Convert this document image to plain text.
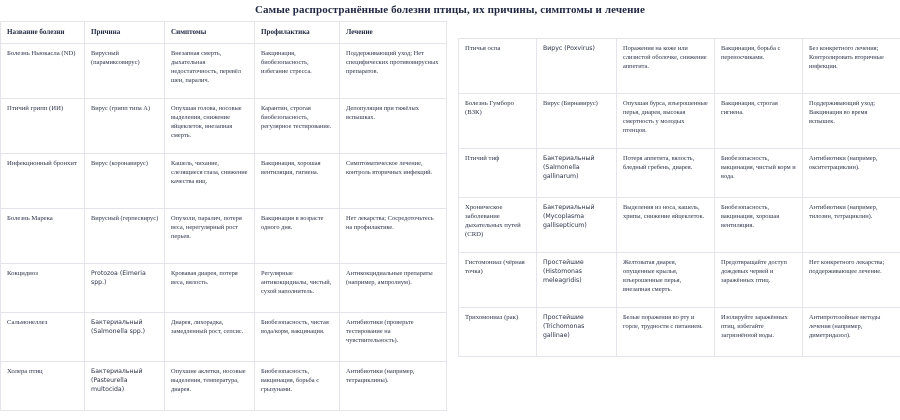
Самые распространённые болезни птицы, их причины, симптомы и лечение
Название болезни	Причина	Симптомы	Профилактика	Лечение
Болезнь Ньюкасла (ND)	Вирусный (парамиксовирус)	Внезапная смерть, дыхательная недостаточность, перевёл шеи, паралич.	Вакцинация, биобезопасность, избегание стресса.	Поддерживающий уход; Нет специфических противовирусных препаратов.
Птичий грипп (ИИ)	Вирус (грипп типа А)	Опухшая голова, носовые выделения, снижение яйцеклеток, внезапная смерть.	Карантин, строгая биобезопасность, регулярное тестирование.	Депопуляция при тяжёлых вспышках.
Инфекционный бронхит	Вирус (коронавирус)	Кашель, чихание, слезящиеся глаза, снижение качества яиц.	Вакцинация, хорошая вентиляция, гигиена.	Симптоматическое лечение, контроль вторичных инфекций.
Болезнь Марека	Вирусный (герпесвирус)	Опухоли, паралич, потеря веса, нерегулярный рост перьев.	Вакцинация в возрасте одного дня.	Нет лекарства; Сосредоточьтесь на профилактике.
Кокцидиоз	Protozoa (Eimeria spp.)	Кровавая диарея, потеря веса, вялость.	Регулярные антикокцидиалы, чистый, сухой наполнитель.	Антикокцидиальные препараты (например, ампролиум).
Сальмонеллез	Бактериальный (Salmonella spp.)	Диарея, лихорадка, замедленный рост, сепсис.	Биобезопасность, чистая вода/корм, вакцинация.	Антибиотики (проверьте тестирование на чувствительность).
Холера птиц	Бактериальный (Pasteurella multocida)	Опухшие аклетки, носовые выделения, температура, диарея.	Биобезопасность, вакцинация, борьба с грызунами.	Антибиотики (например, тетрациклины).
Птичья оспа	Вирус (Poxvirus)	Поражения на коже или слизистой оболочке, снижение аппетита.	Вакцинация, борьба с переносчиками.	Без конкретного лечения; Контролировать вторичные инфекции.
Болезнь Гумборо (ВЗК)	Вирус (Бирнавирус)	Опухшая бурса, взъерошенные перья, диарея, высокая смертность у молодых птенцов.	Вакцинация, строгая гигиена.	Поддерживающий уход; Вакцинация во время вспышек.
Птичий тиф	Бактериальный (Salmonella gallinarum)	Потеря аппетита, вялость, бледный гребень, диарея.	Биобезопасность, вакцинация, чистый корм и вода.	Антибиотики (например, окситетрациклин).
Хроническое заболевание дыхательных путей (CRD)	Бактериальный (Mycoplasma gallisepticum)	Выделения из носа, кашель, хрипы, снижение яйцеклеток.	Биобезопасность, вакцинация, хорошая вентиляция.	Антибиотики (например, тилозин, тетрациклин).
Гистомониаз (чёрная точка)	Простейшие (Histomonas meleagridis)	Желтоватая диарея, опущенные крылья, взъерошенные перья, внезапная смерть.	Предотвращайте доступ дождевых червей и заражённых птиц.	Нет конкретного лекарства; поддерживающее лечение.
Трихомониаз (рак)	Простейшие (Trichomonas gallinae)	Белые поражения во рту и горле, трудности с питанием.	Изолируйте заражённых птиц, избегайте загрязнённой воды.	Антипротозойные методы лечения (например, диметридазол).
